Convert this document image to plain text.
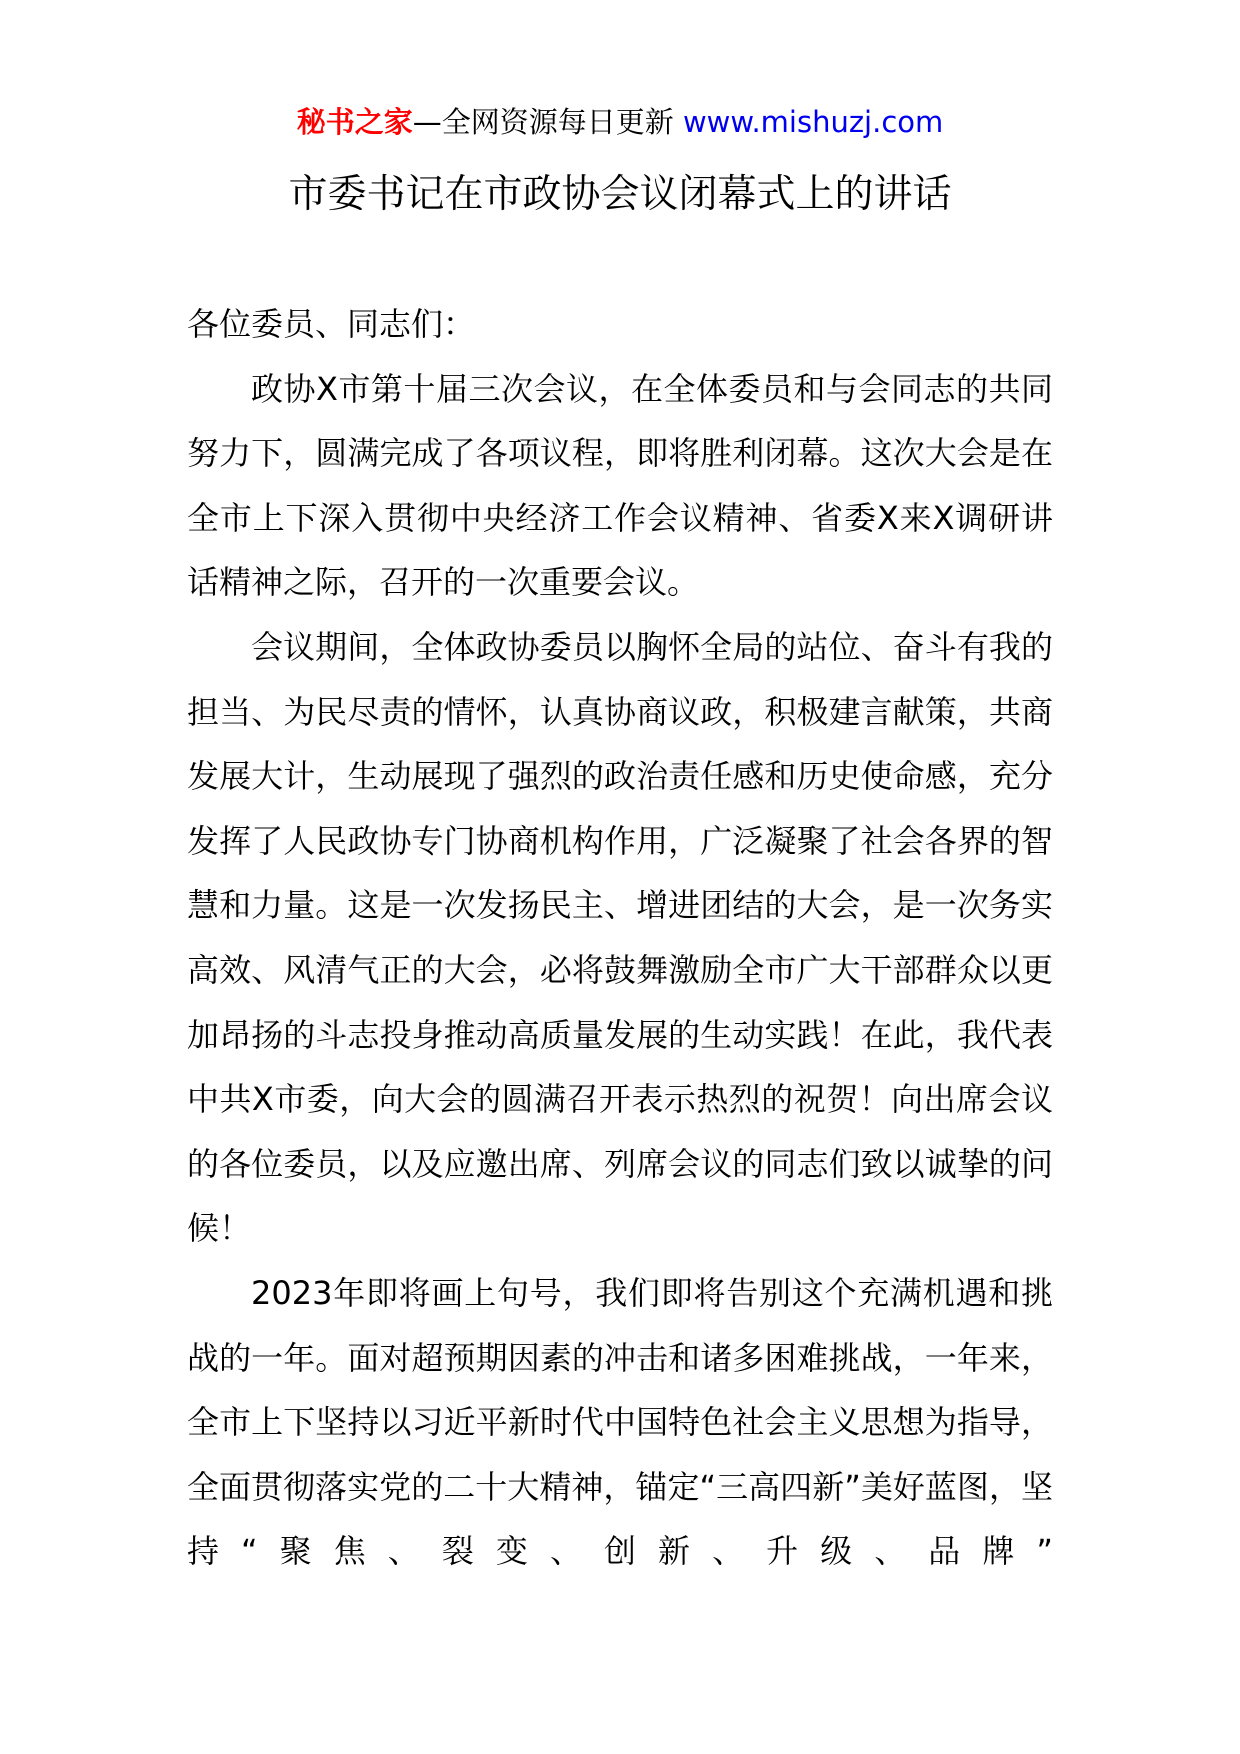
秘书之家—全网资源每日更新 www.mishuzj.com
市委书记在市政协会议闭幕式上的讲话

各位委员、同志们：

政协X市第十届三次会议，在全体委员和与会同志的共同努力下，圆满完成了各项议程，即将胜利闭幕。这次大会是在全市上下深入贯彻中央经济工作会议精神、省委X来X调研讲话精神之际，召开的一次重要会议。

会议期间，全体政协委员以胸怀全局的站位、奋斗有我的担当、为民尽责的情怀，认真协商议政，积极建言献策，共商发展大计，生动展现了强烈的政治责任感和历史使命感，充分发挥了人民政协专门协商机构作用，广泛凝聚了社会各界的智慧和力量。这是一次发扬民主、增进团结的大会，是一次务实高效、风清气正的大会，必将鼓舞激励全市广大干部群众以更加昂扬的斗志投身推动高质量发展的生动实践！在此，我代表中共X市委，向大会的圆满召开表示热烈的祝贺！向出席会议的各位委员，以及应邀出席、列席会议的同志们致以诚挚的问候！

2023年即将画上句号，我们即将告别这个充满机遇和挑战的一年。面对超预期因素的冲击和诸多困难挑战，一年来，全市上下坚持以习近平新时代中国特色社会主义思想为指导，全面贯彻落实党的二十大精神，锚定“三高四新”美好蓝图，坚持“聚焦、裂变、创新、升级、品牌”
